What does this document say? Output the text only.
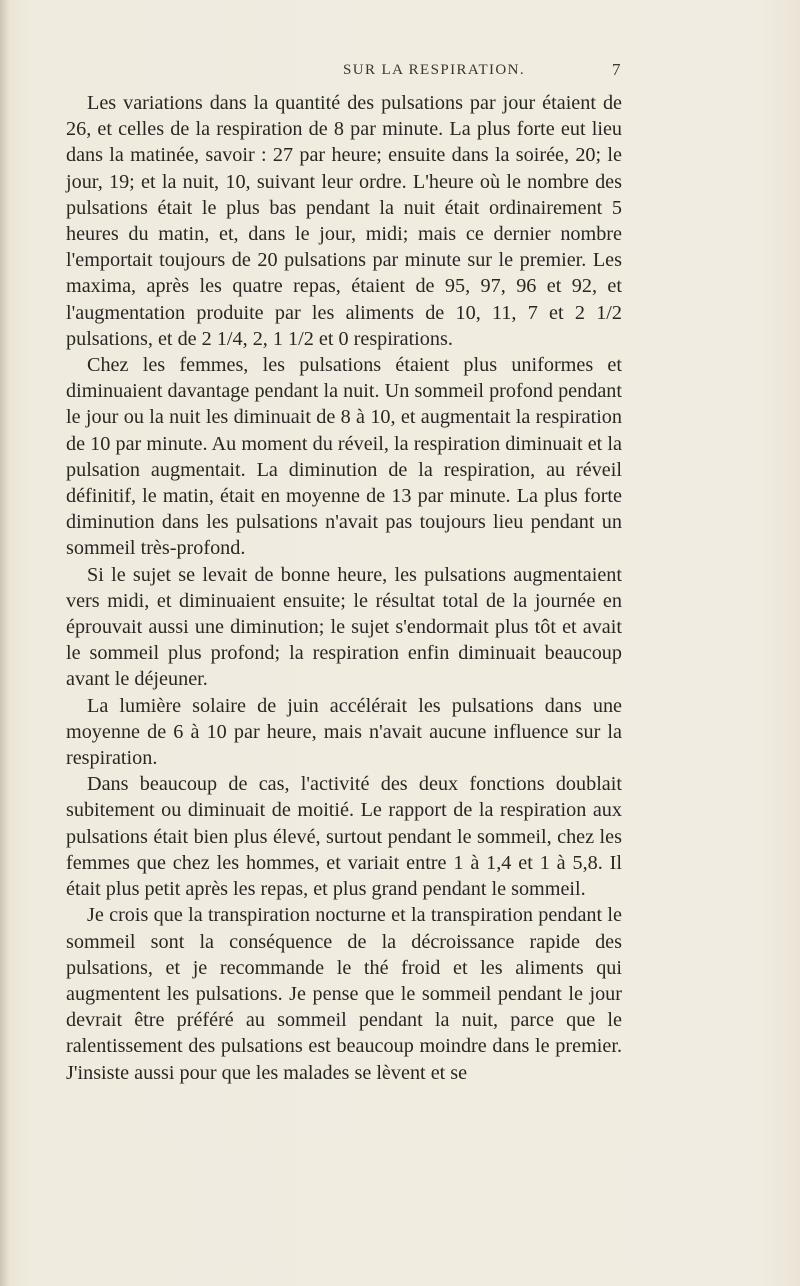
SUR LA RESPIRATION.	7

Les variations dans la quantité des pulsations par jour étaient de 26, et celles de la respiration de 8 par minute. La plus forte eut lieu dans la matinée, savoir : 27 par heure; ensuite dans la soirée, 20; le jour, 19; et la nuit, 10, suivant leur ordre. L'heure où le nombre des pulsations était le plus bas pendant la nuit était ordinairement 5 heures du matin, et, dans le jour, midi; mais ce dernier nombre l'emportait toujours de 20 pulsations par minute sur le premier. Les maxima, après les quatre repas, étaient de 95, 97, 96 et 92, et l'augmentation produite par les aliments de 10, 11, 7 et 2 1/2 pulsations, et de 2 1/4, 2, 1 1/2 et 0 respirations.

Chez les femmes, les pulsations étaient plus uniformes et diminuaient davantage pendant la nuit. Un sommeil profond pendant le jour ou la nuit les diminuait de 8 à 10, et augmentait la respiration de 10 par minute. Au moment du réveil, la respiration diminuait et la pulsation augmentait. La diminution de la respiration, au réveil définitif, le matin, était en moyenne de 13 par minute. La plus forte diminution dans les pulsations n'avait pas toujours lieu pendant un sommeil très-profond.

Si le sujet se levait de bonne heure, les pulsations augmentaient vers midi, et diminuaient ensuite; le résultat total de la journée en éprouvait aussi une diminution; le sujet s'endormait plus tôt et avait le sommeil plus profond; la respiration enfin diminuait beaucoup avant le déjeuner.

La lumière solaire de juin accélérait les pulsations dans une moyenne de 6 à 10 par heure, mais n'avait aucune influence sur la respiration.

Dans beaucoup de cas, l'activité des deux fonctions doublait subitement ou diminuait de moitié. Le rapport de la respiration aux pulsations était bien plus élevé, surtout pendant le sommeil, chez les femmes que chez les hommes, et variait entre 1 à 1,4 et 1 à 5,8. Il était plus petit après les repas, et plus grand pendant le sommeil.

Je crois que la transpiration nocturne et la transpiration pendant le sommeil sont la conséquence de la décroissance rapide des pulsations, et je recommande le thé froid et les aliments qui augmentent les pulsations. Je pense que le sommeil pendant le jour devrait être préféré au sommeil pendant la nuit, parce que le ralentissement des pulsations est beaucoup moindre dans le premier. J'insiste aussi pour que les malades se lèvent et se
